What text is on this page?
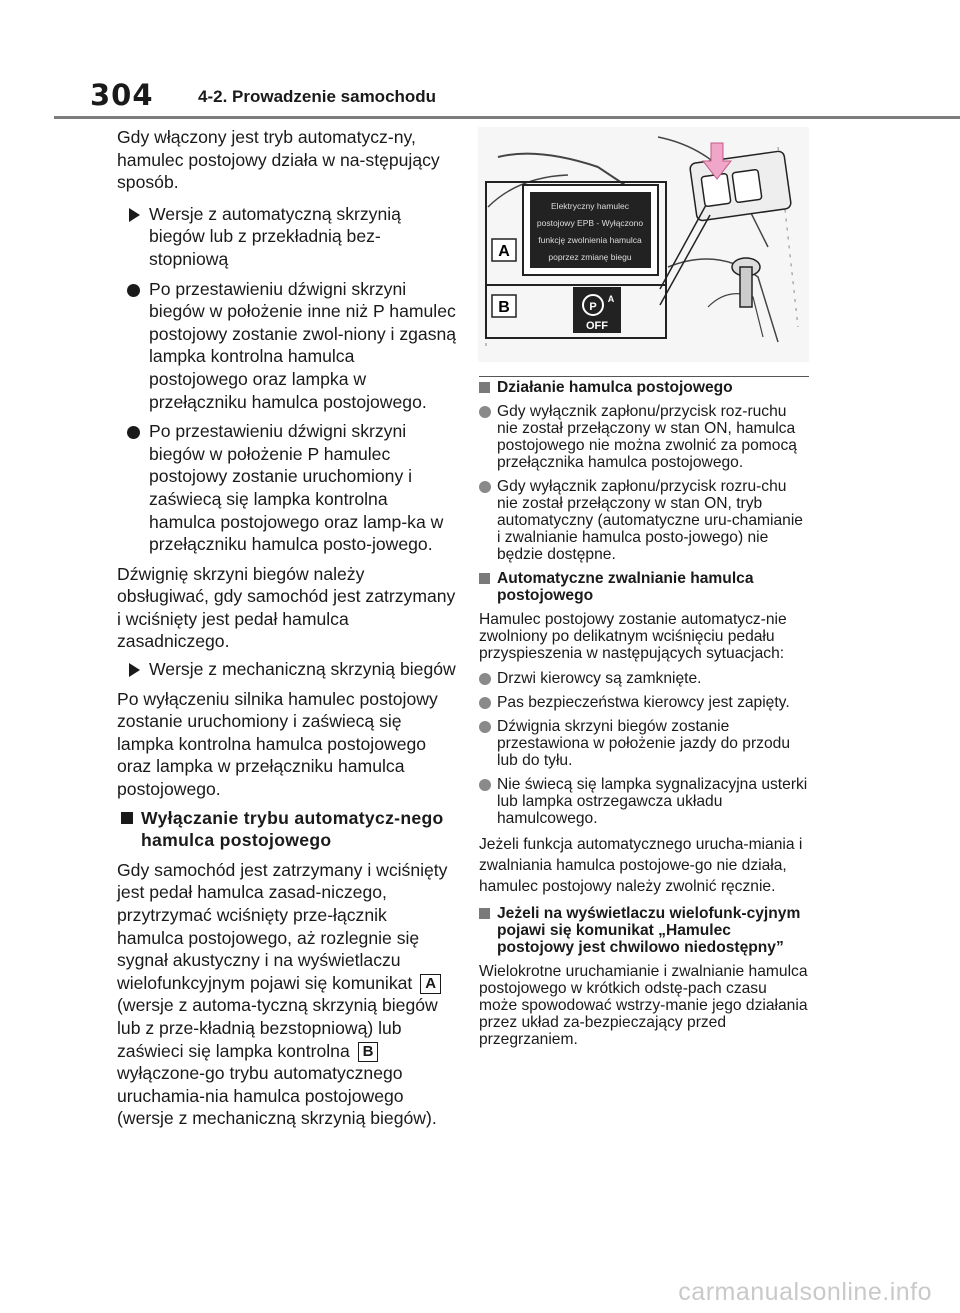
304	4-2. Prowadzenie samochodu

Gdy włączony jest tryb automatycz-ny, hamulec postojowy działa w na-stępujący sposób.

Wersje z automatyczną skrzynią biegów lub z przekładnią bez-stopniową
Po przestawieniu dźwigni skrzyni biegów w położenie inne niż P hamulec postojowy zostanie zwol-niony i zgasną lampka kontrolna hamulca postojowego oraz lampka w przełączniku hamulca postojowego.
Po przestawieniu dźwigni skrzyni biegów w położenie P hamulec postojowy zostanie uruchomiony i zaświecą się lampka kontrolna hamulca postojowego oraz lamp-ka w przełączniku hamulca posto-jowego.

Dźwignię skrzyni biegów należy obsługiwać, gdy samochód jest zatrzymany i wciśnięty jest pedał hamulca zasadniczego.

Wersje z mechaniczną skrzynią biegów

Po wyłączeniu silnika hamulec postojowy zostanie uruchomiony i zaświecą się lampka kontrolna hamulca postojowego oraz lampka w przełączniku hamulca postojowego.

Wyłączanie trybu automatycz-nego hamulca postojowego

Gdy samochód jest zatrzymany i wciśnięty jest pedał hamulca zasad-niczego, przytrzymać wciśnięty prze-łącznik hamulca postojowego, aż rozlegnie się sygnał akustyczny i na wyświetlaczu wielofunkcyjnym pojawi się komunikat A (wersje z automa-tyczną skrzynią biegów lub z prze-kładnią bezstopniową) lub zaświeci się lampka kontrolna B wyłączone-go trybu automatycznego uruchamia-nia hamulca postojowego (wersje z mechaniczną skrzynią biegów).

Elektryczny hamulec
postojowy EPB - Wyłączono
funkcję zwolnienia hamulca
poprzez zmianę biegu
A
B	P
A
OFF
Działanie hamulca postojowego
Gdy wyłącznik zapłonu/przycisk roz-ruchu nie został przełączony w stan ON, hamulca postojowego nie można zwolnić za pomocą przełącznika hamulca postojowego.
Gdy wyłącznik zapłonu/przycisk rozru-chu nie został przełączony w stan ON, tryb automatyczny (automatyczne uru-chamianie i zwalnianie hamulca posto-jowego) nie będzie dostępne.
Automatyczne zwalnianie hamulca postojowego

Hamulec postojowy zostanie automatycz-nie zwolniony po delikatnym wciśnięciu pedału przyspieszenia w następujących sytuacjach:

Drzwi kierowcy są zamknięte.
Pas bezpieczeństwa kierowcy jest zapięty.
Dźwignia skrzyni biegów zostanie przestawiona w położenie jazdy do przodu lub do tyłu.
Nie świecą się lampka sygnalizacyjna usterki lub lampka ostrzegawcza układu hamulcowego.

Jeżeli funkcja automatycznego urucha-miania i zwalniania hamulca postojowe-go nie działa, hamulec postojowy należy zwolnić ręcznie.

Jeżeli na wyświetlaczu wielofunk-cyjnym pojawi się komunikat „Hamulec postojowy jest chwilowo niedostępny”

Wielokrotne uruchamianie i zwalnianie hamulca postojowego w krótkich odstę-pach czasu może spowodować wstrzy-manie jego działania przez układ za-bezpieczający przed przegrzaniem.

carmanualsonline.info
